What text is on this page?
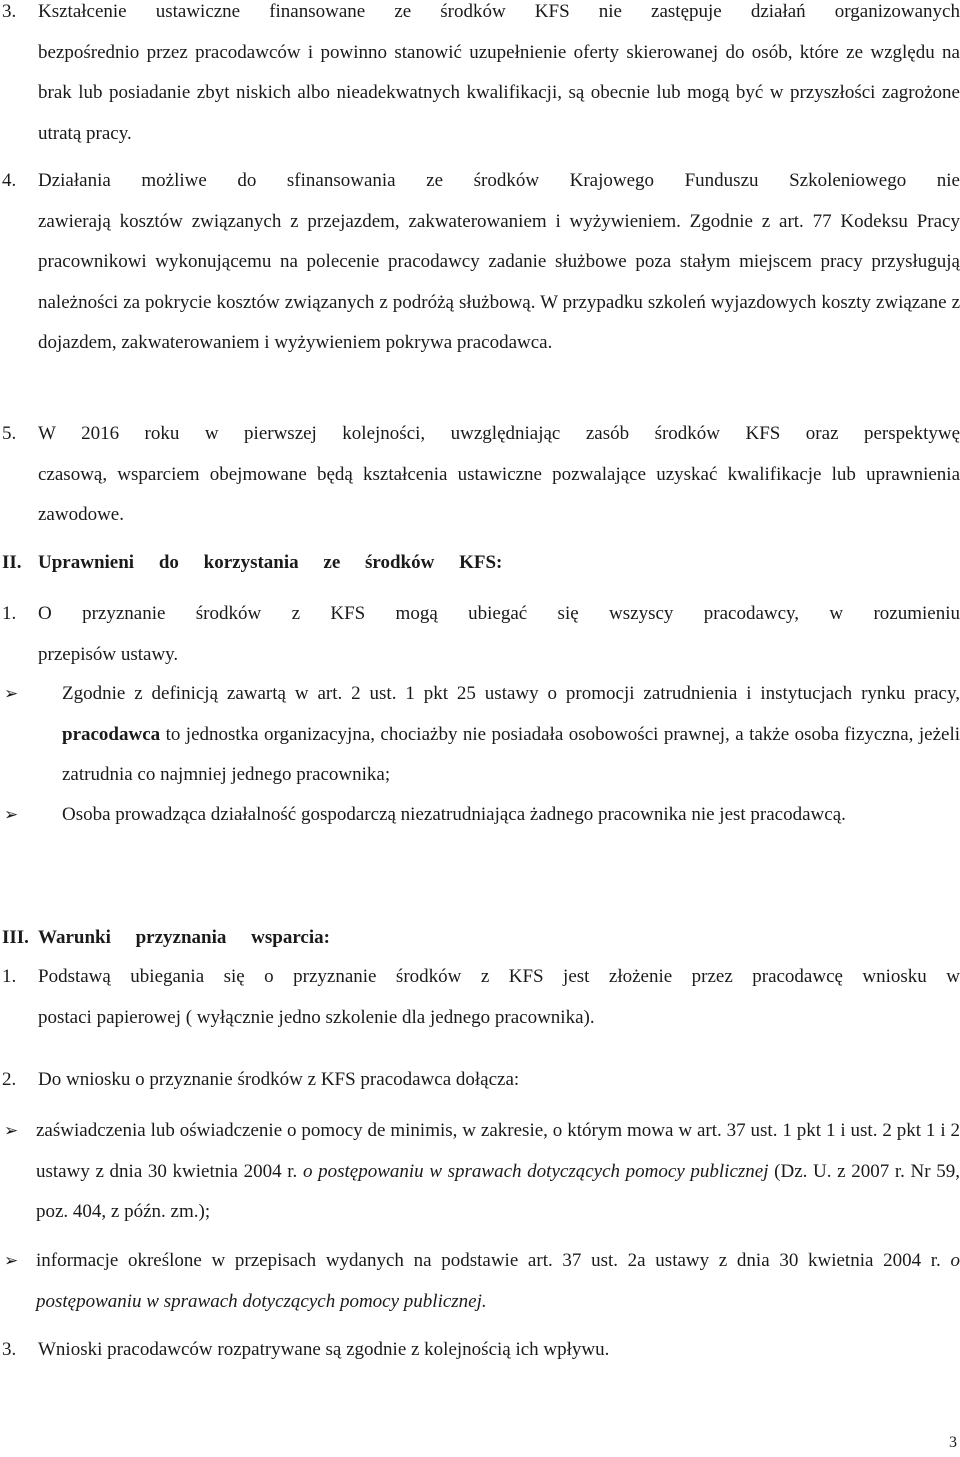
3.	Kształcenie ustawiczne finansowane ze środków KFS nie zastępuje działań organizowanych
bezpośrednio przez pracodawców i powinno stanowić uzupełnienie oferty skierowanej do osób, które ze względu na brak lub posiadanie zbyt niskich albo nieadekwatnych kwalifikacji, są obecnie lub mogą być w przyszłości zagrożone utratą pracy.
4.	Działania możliwe do sfinansowania ze środków Krajowego Funduszu Szkoleniowego nie
zawierają kosztów związanych z przejazdem, zakwaterowaniem i wyżywieniem. Zgodnie z art. 77 Kodeksu Pracy pracownikowi wykonującemu na polecenie pracodawcy zadanie służbowe poza stałym miejscem pracy przysługują należności za pokrycie kosztów związanych z podróżą służbową. W przypadku szkoleń wyjazdowych koszty związane z dojazdem, zakwaterowaniem i wyżywieniem pokrywa pracodawca.
5.	W 2016 roku w pierwszej kolejności, uwzględniając zasób środków KFS oraz perspektywę
czasową, wsparciem obejmowane będą kształcenia ustawiczne pozwalające uzyskać kwalifikacje lub uprawnienia zawodowe.
II. Uprawnieni do korzystania ze środków KFS:
1.	O przyznanie środków z KFS mogą ubiegać się wszyscy pracodawcy, w rozumieniu
przepisów ustawy.
➢	Zgodnie z definicją zawartą w art. 2 ust. 1 pkt 25 ustawy o promocji zatrudnienia i instytucjach rynku pracy, pracodawca to jednostka organizacyjna, chociażby nie posiadała osobowości prawnej, a także osoba fizyczna, jeżeli zatrudnia co najmniej jednego pracownika;
➢	Osoba prowadząca działalność gospodarczą niezatrudniająca żadnego pracownika nie jest pracodawcą.
III. Warunki przyznania wsparcia:
1.	Podstawą ubiegania się o przyznanie środków z KFS jest złożenie przez pracodawcę wniosku w
postaci papierowej ( wyłącznie jedno szkolenie dla jednego pracownika).
2.	Do wniosku o przyznanie środków z KFS pracodawca dołącza:
➢ zaświadczenia lub oświadczenie o pomocy de minimis, w zakresie, o którym mowa w art. 37 ust. 1 pkt 1 i ust. 2 pkt 1 i 2 ustawy z dnia 30 kwietnia 2004 r. o postępowaniu w sprawach dotyczących pomocy publicznej (Dz. U. z 2007 r. Nr 59, poz. 404, z późn. zm.);
➢ informacje określone w przepisach wydanych na podstawie art. 37 ust. 2a ustawy z dnia 30 kwietnia 2004 r. o postępowaniu w sprawach dotyczących pomocy publicznej.
3.	Wnioski pracodawców rozpatrywane są zgodnie z kolejnością ich wpływu.
3
